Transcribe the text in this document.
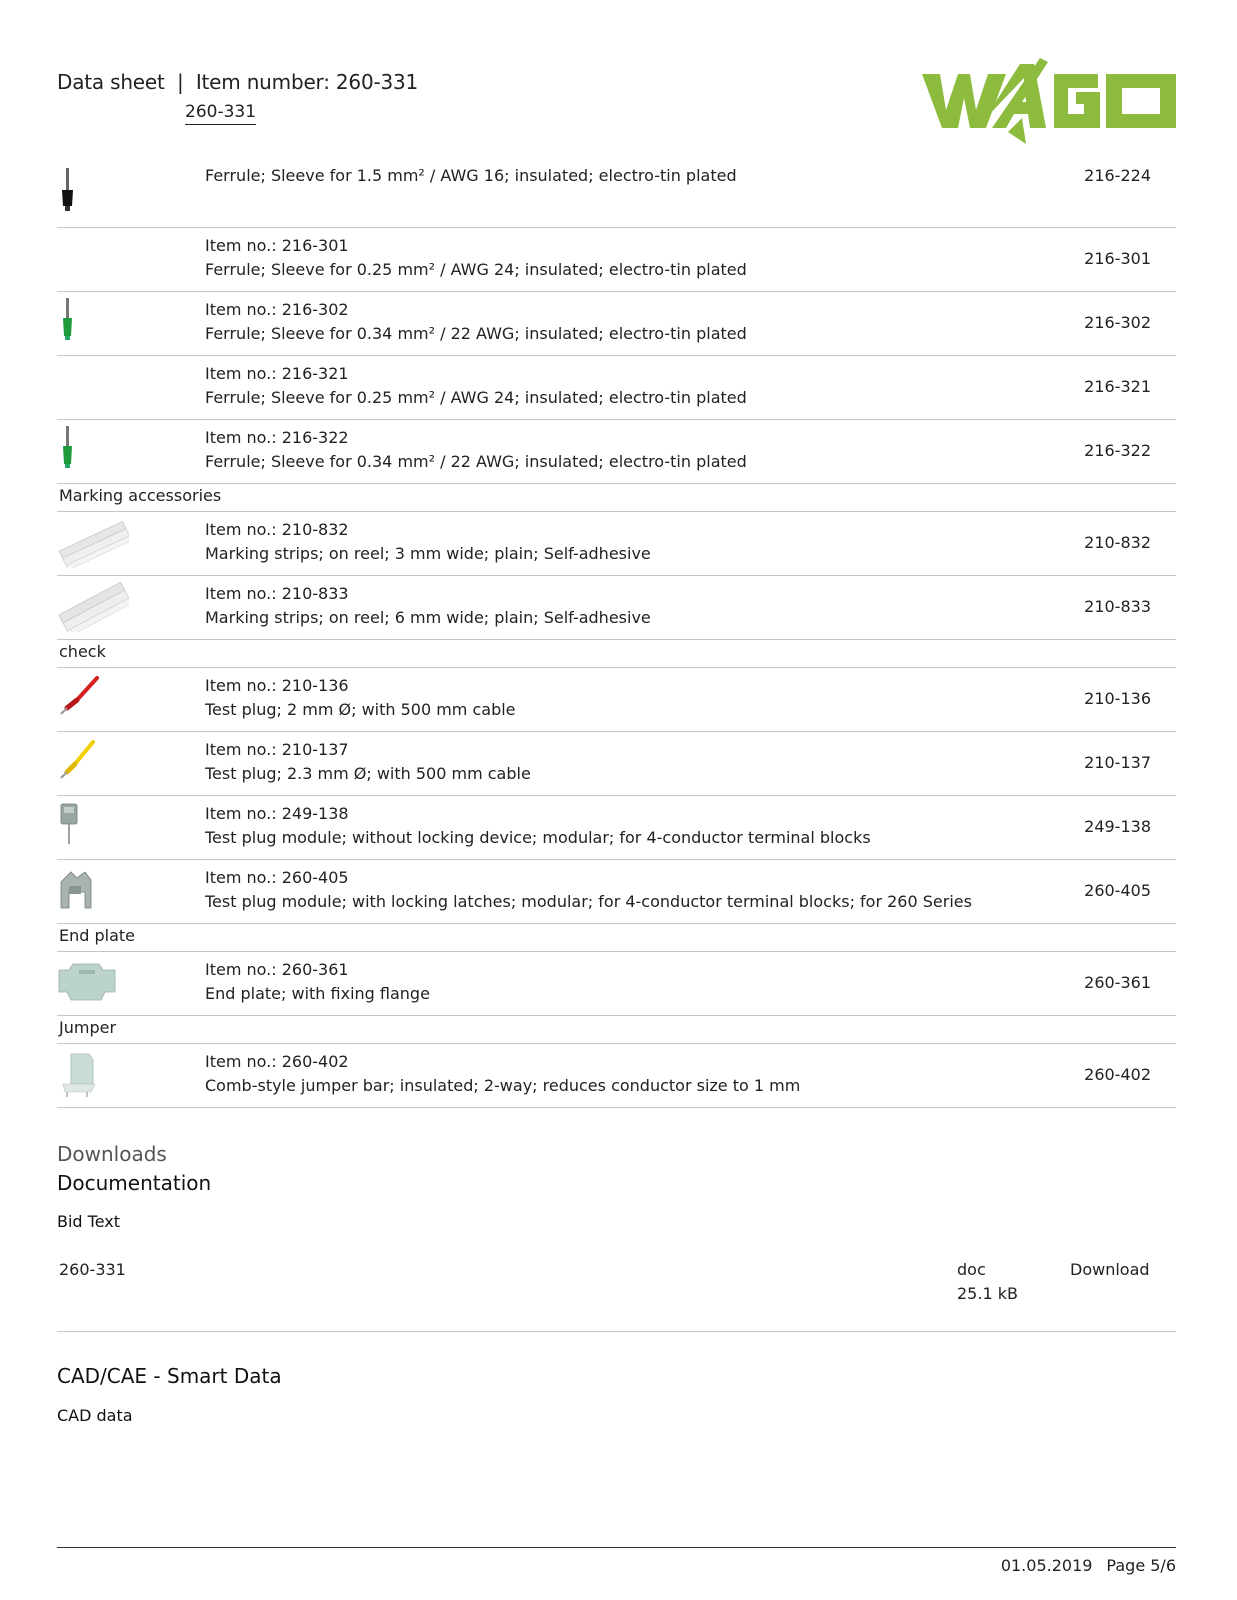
Data sheet  |  Item number: 260-331
260-331
WAGO
Ferrule; Sleeve for 1.5 mm² / AWG 16; insulated; electro-tin plated	216-224
Item no.: 216-301
Ferrule; Sleeve for 0.25 mm² / AWG 24; insulated; electro-tin plated
216-301
Item no.: 216-302
Ferrule; Sleeve for 0.34 mm² / 22 AWG; insulated; electro-tin plated
216-302
Item no.: 216-321
Ferrule; Sleeve for 0.25 mm² / AWG 24; insulated; electro-tin plated
216-321
Item no.: 216-322
Ferrule; Sleeve for 0.34 mm² / 22 AWG; insulated; electro-tin plated
216-322
Marking accessories
Item no.: 210-832
Marking strips; on reel; 3 mm wide; plain; Self-adhesive
210-832
Item no.: 210-833
Marking strips; on reel; 6 mm wide; plain; Self-adhesive
210-833
check
Item no.: 210-136
Test plug; 2 mm Ø; with 500 mm cable
210-136
Item no.: 210-137
Test plug; 2.3 mm Ø; with 500 mm cable
210-137
Item no.: 249-138
Test plug module; without locking device; modular; for 4-conductor terminal blocks
249-138
Item no.: 260-405
Test plug module; with locking latches; modular; for 4-conductor terminal blocks; for 260 Series
260-405
End plate
Item no.: 260-361
End plate; with fixing flange
260-361
Jumper
Item no.: 260-402
Comb-style jumper bar; insulated; 2-way; reduces conductor size to 1 mm
260-402
Downloads
Documentation
Bid Text
260-331	doc
25.1 kB
Download
CAD/CAE - Smart Data
CAD data
01.05.2019 Page 5/6
